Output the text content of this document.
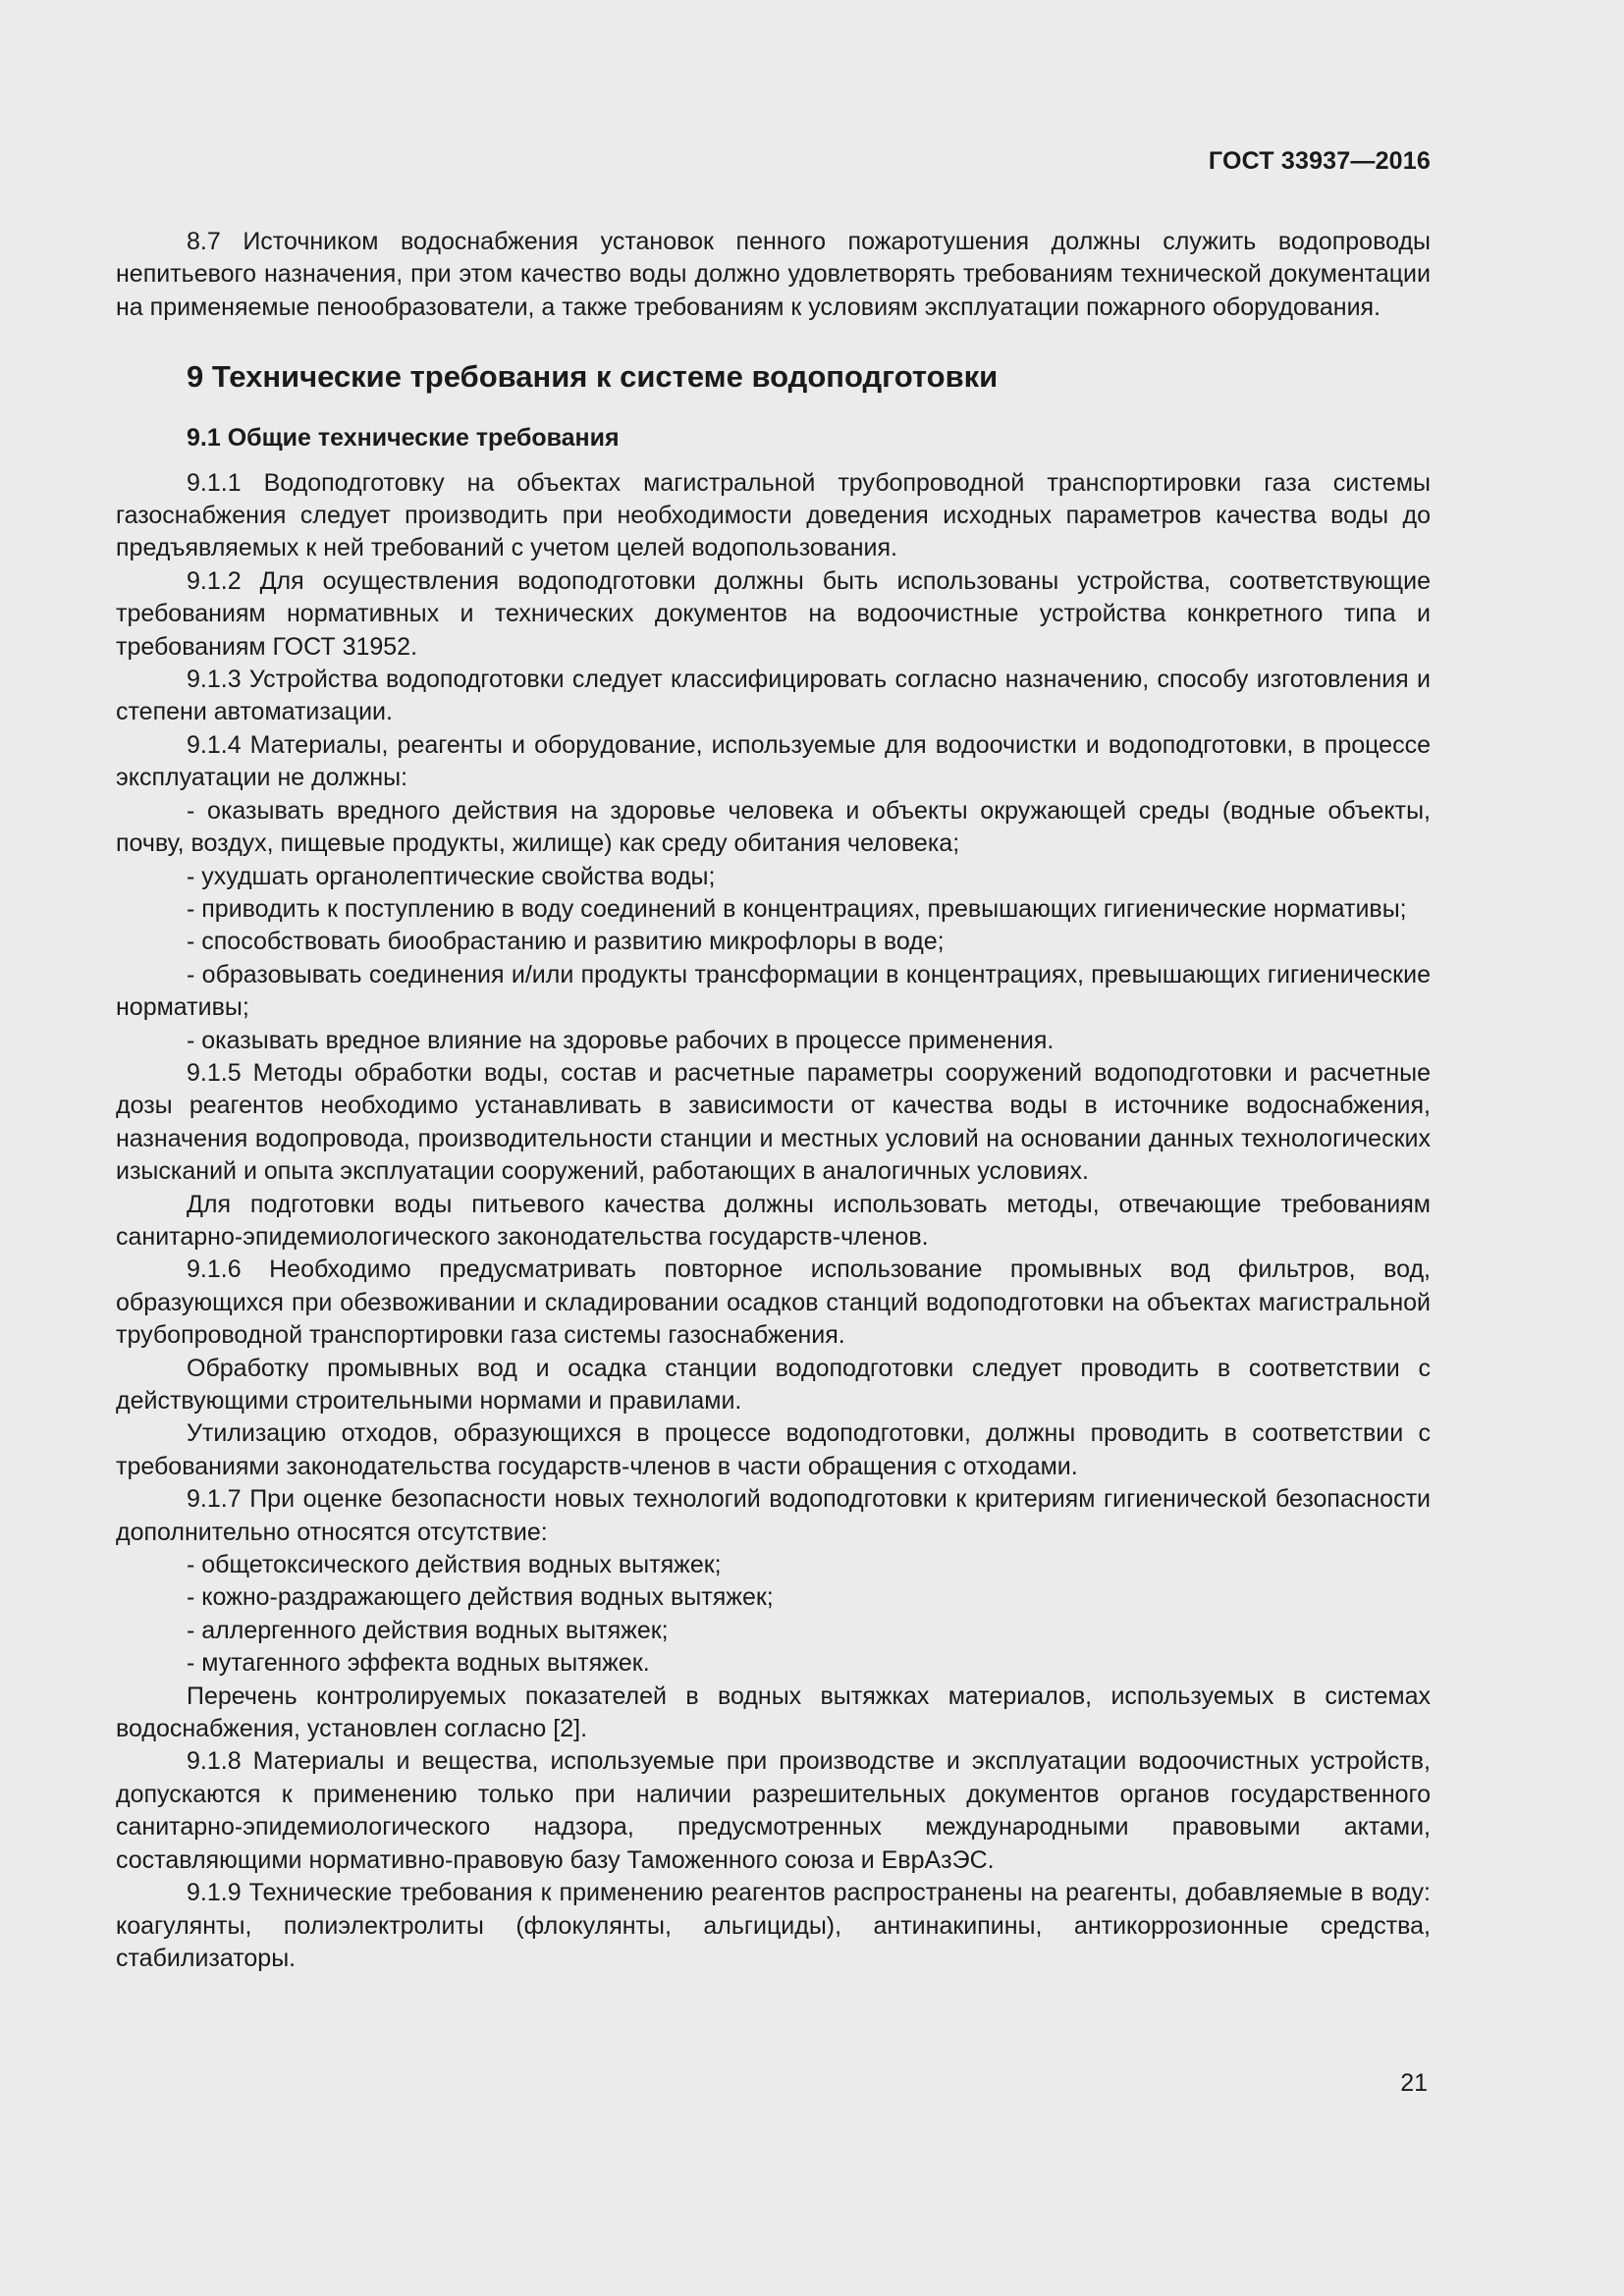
ГОСТ 33937—2016

8.7 Источником водоснабжения установок пенного пожаротушения должны служить водопроводы непитьевого назначения, при этом качество воды должно удовлетворять требованиям технической документации на применяемые пенообразователи, а также требованиям к условиям эксплуатации пожарного оборудования.

9 Технические требования к системе водоподготовки
9.1 Общие технические требования

9.1.1 Водоподготовку на объектах магистральной трубопроводной транспортировки газа системы газоснабжения следует производить при необходимости доведения исходных параметров качества воды до предъявляемых к ней требований с учетом целей водопользования.

9.1.2 Для осуществления водоподготовки должны быть использованы устройства, соответствующие требованиям нормативных и технических документов на водоочистные устройства конкретного типа и требованиям ГОСТ 31952.

9.1.3 Устройства водоподготовки следует классифицировать согласно назначению, способу изготовления и степени автоматизации.

9.1.4 Материалы, реагенты и оборудование, используемые для водоочистки и водоподготовки, в процессе эксплуатации не должны:

- оказывать вредного действия на здоровье человека и объекты окружающей среды (водные объекты, почву, воздух, пищевые продукты, жилище) как среду обитания человека;

- ухудшать органолептические свойства воды;

- приводить к поступлению в воду соединений в концентрациях, превышающих гигиенические нормативы;

- способствовать биообрастанию и развитию микрофлоры в воде;

- образовывать соединения и/или продукты трансформации в концентрациях, превышающих гигиенические нормативы;

- оказывать вредное влияние на здоровье рабочих в процессе применения.

9.1.5 Методы обработки воды, состав и расчетные параметры сооружений водоподготовки и расчетные дозы реагентов необходимо устанавливать в зависимости от качества воды в источнике водоснабжения, назначения водопровода, производительности станции и местных условий на основании данных технологических изысканий и опыта эксплуатации сооружений, работающих в аналогичных условиях.

Для подготовки воды питьевого качества должны использовать методы, отвечающие требованиям санитарно-эпидемиологического законодательства государств-членов.

9.1.6 Необходимо предусматривать повторное использование промывных вод фильтров, вод, образующихся при обезвоживании и складировании осадков станций водоподготовки на объектах магистральной трубопроводной транспортировки газа системы газоснабжения.

Обработку промывных вод и осадка станции водоподготовки следует проводить в соответствии с действующими строительными нормами и правилами.

Утилизацию отходов, образующихся в процессе водоподготовки, должны проводить в соответствии с требованиями законодательства государств-членов в части обращения с отходами.

9.1.7 При оценке безопасности новых технологий водоподготовки к критериям гигиенической безопасности дополнительно относятся отсутствие:

- общетоксического действия водных вытяжек;

- кожно-раздражающего действия водных вытяжек;

- аллергенного действия водных вытяжек;

- мутагенного эффекта водных вытяжек.

Перечень контролируемых показателей в водных вытяжках материалов, используемых в системах водоснабжения, установлен согласно [2].

9.1.8 Материалы и вещества, используемые при производстве и эксплуатации водоочистных устройств, допускаются к применению только при наличии разрешительных документов органов государственного санитарно-эпидемиологического надзора, предусмотренных международными правовыми актами, составляющими нормативно-правовую базу Таможенного союза и ЕврАзЭС.

9.1.9 Технические требования к применению реагентов распространены на реагенты, добавляемые в воду: коагулянты, полиэлектролиты (флокулянты, альгициды), антинакипины, антикоррозионные средства, стабилизаторы.

21
